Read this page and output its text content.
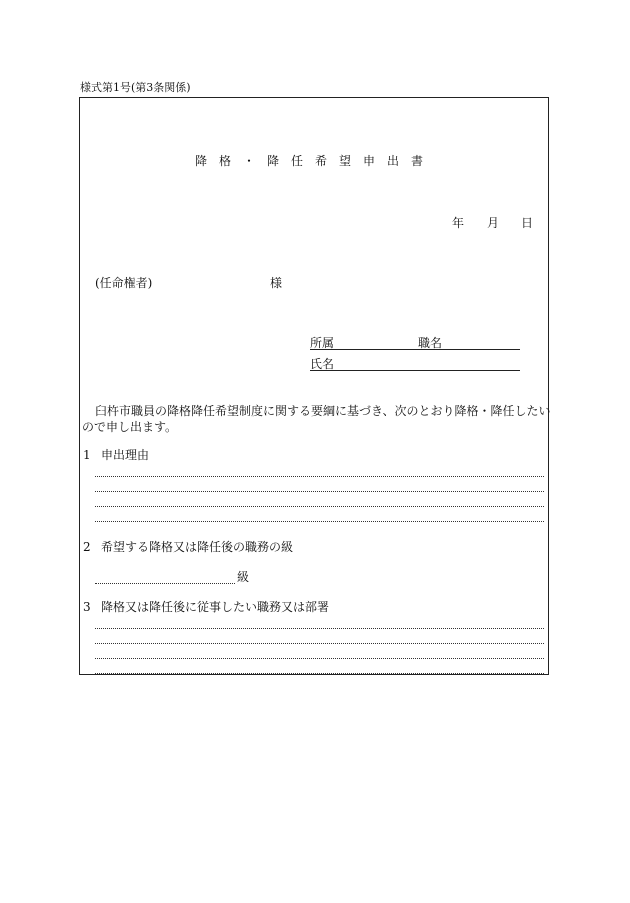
様式第1号(第3条関係)
降格・降任希望申出書
年 月 日
(任命権者)	様
所属	職名
氏名
臼杵市職員の降格降任希望制度に関する要綱に基づき、次のとおり降格・降任したい
ので申し出ます。
1 申出理由
2 希望する降格又は降任後の職務の級
級
3 降格又は降任後に従事したい職務又は部署
